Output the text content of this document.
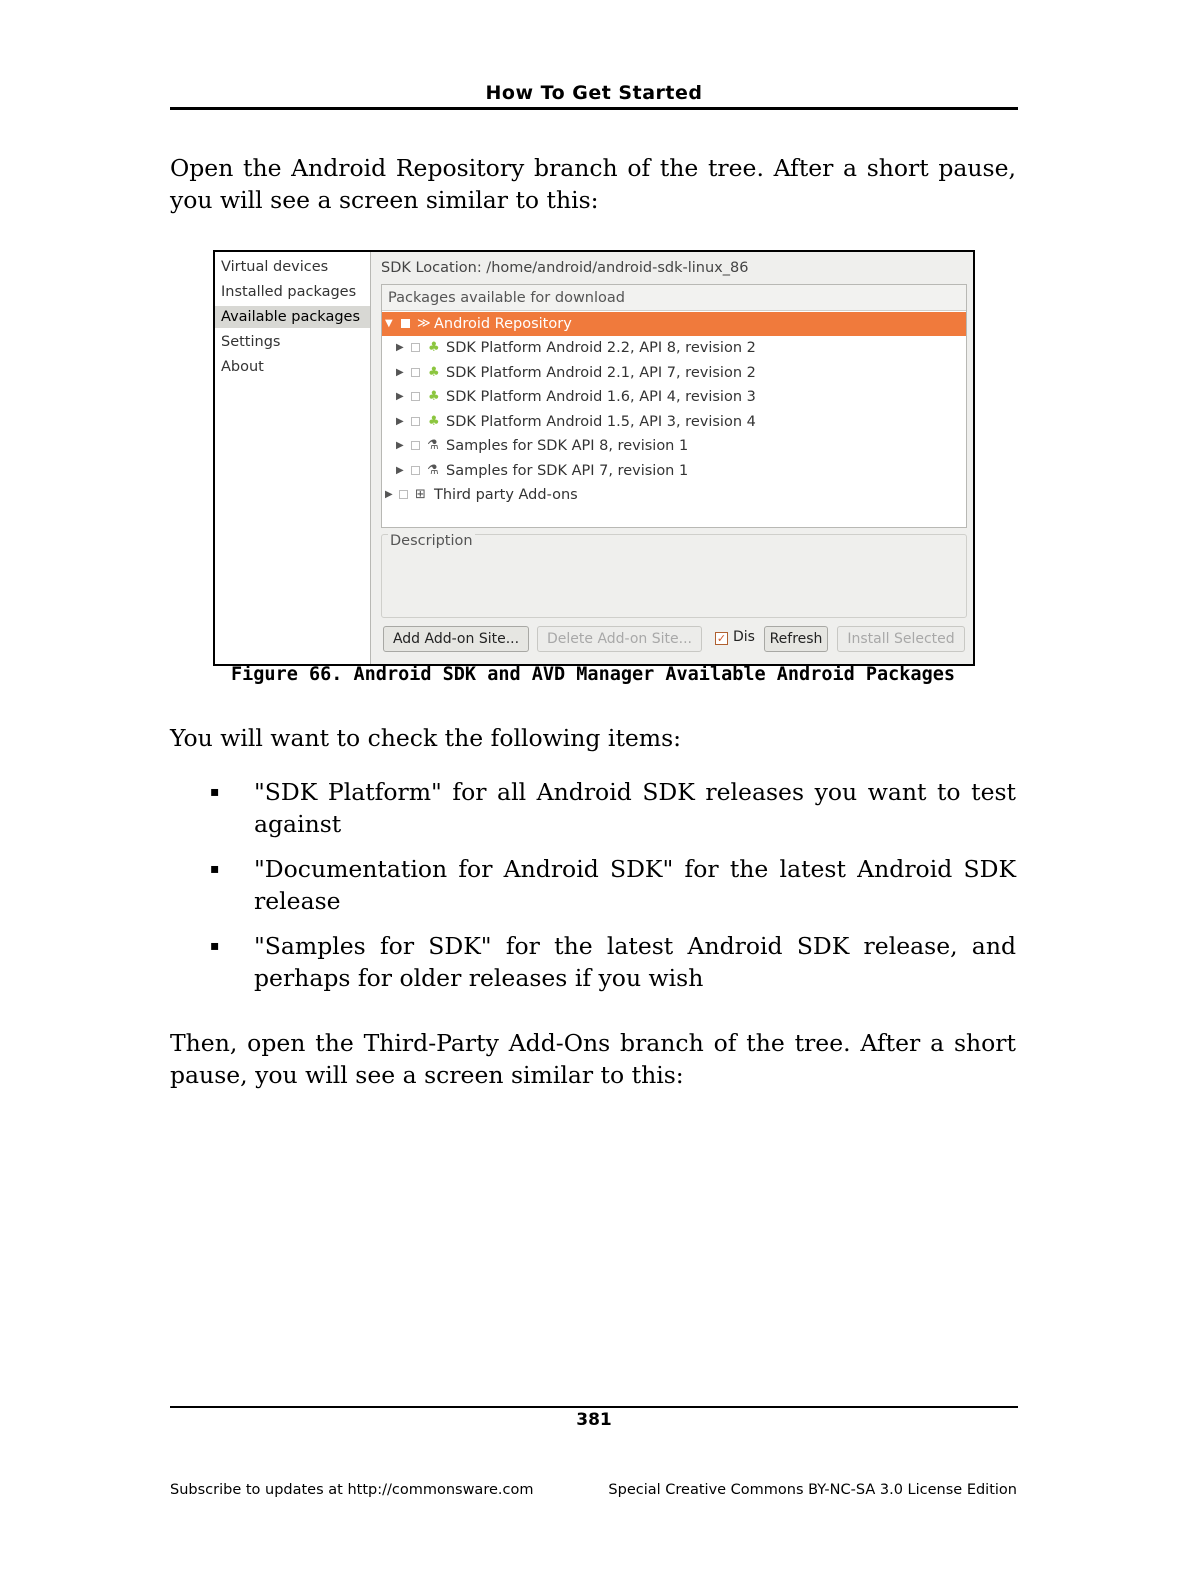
How To Get Started

Open the Android Repository branch of the tree. After a short pause, you will see a screen similar to this:

Virtual devices
Installed packages
Available packages
Settings
About
SDK Location: /home/android/android-sdk-linux_86
Packages available for download
▼ ≫ Android Repository
▶ ♣ SDK Platform Android 2.2, API 8, revision 2
▶ ♣ SDK Platform Android 2.1, API 7, revision 2
▶ ♣ SDK Platform Android 1.6, API 4, revision 3
▶ ♣ SDK Platform Android 1.5, API 3, revision 4
▶ ⚗ Samples for SDK API 8, revision 1
▶ ⚗ Samples for SDK API 7, revision 1
▶ ⊞ Third party Add-ons
Description
Add Add-on Site...	Delete Add-on Site...	✓ Dis	Refresh	Install Selected
Figure 66. Android SDK and AVD Manager Available Android Packages

You will want to check the following items:

▪ "SDK Platform" for all Android SDK releases you want to test against
▪ "Documentation for Android SDK" for the latest Android SDK release
▪ "Samples for SDK" for the latest Android SDK release, and perhaps for older releases if you wish

Then, open the Third-Party Add-Ons branch of the tree. After a short pause, you will see a screen similar to this:

381
Subscribe to updates at http://commonsware.com	Special Creative Commons BY-NC-SA 3.0 License Edition
